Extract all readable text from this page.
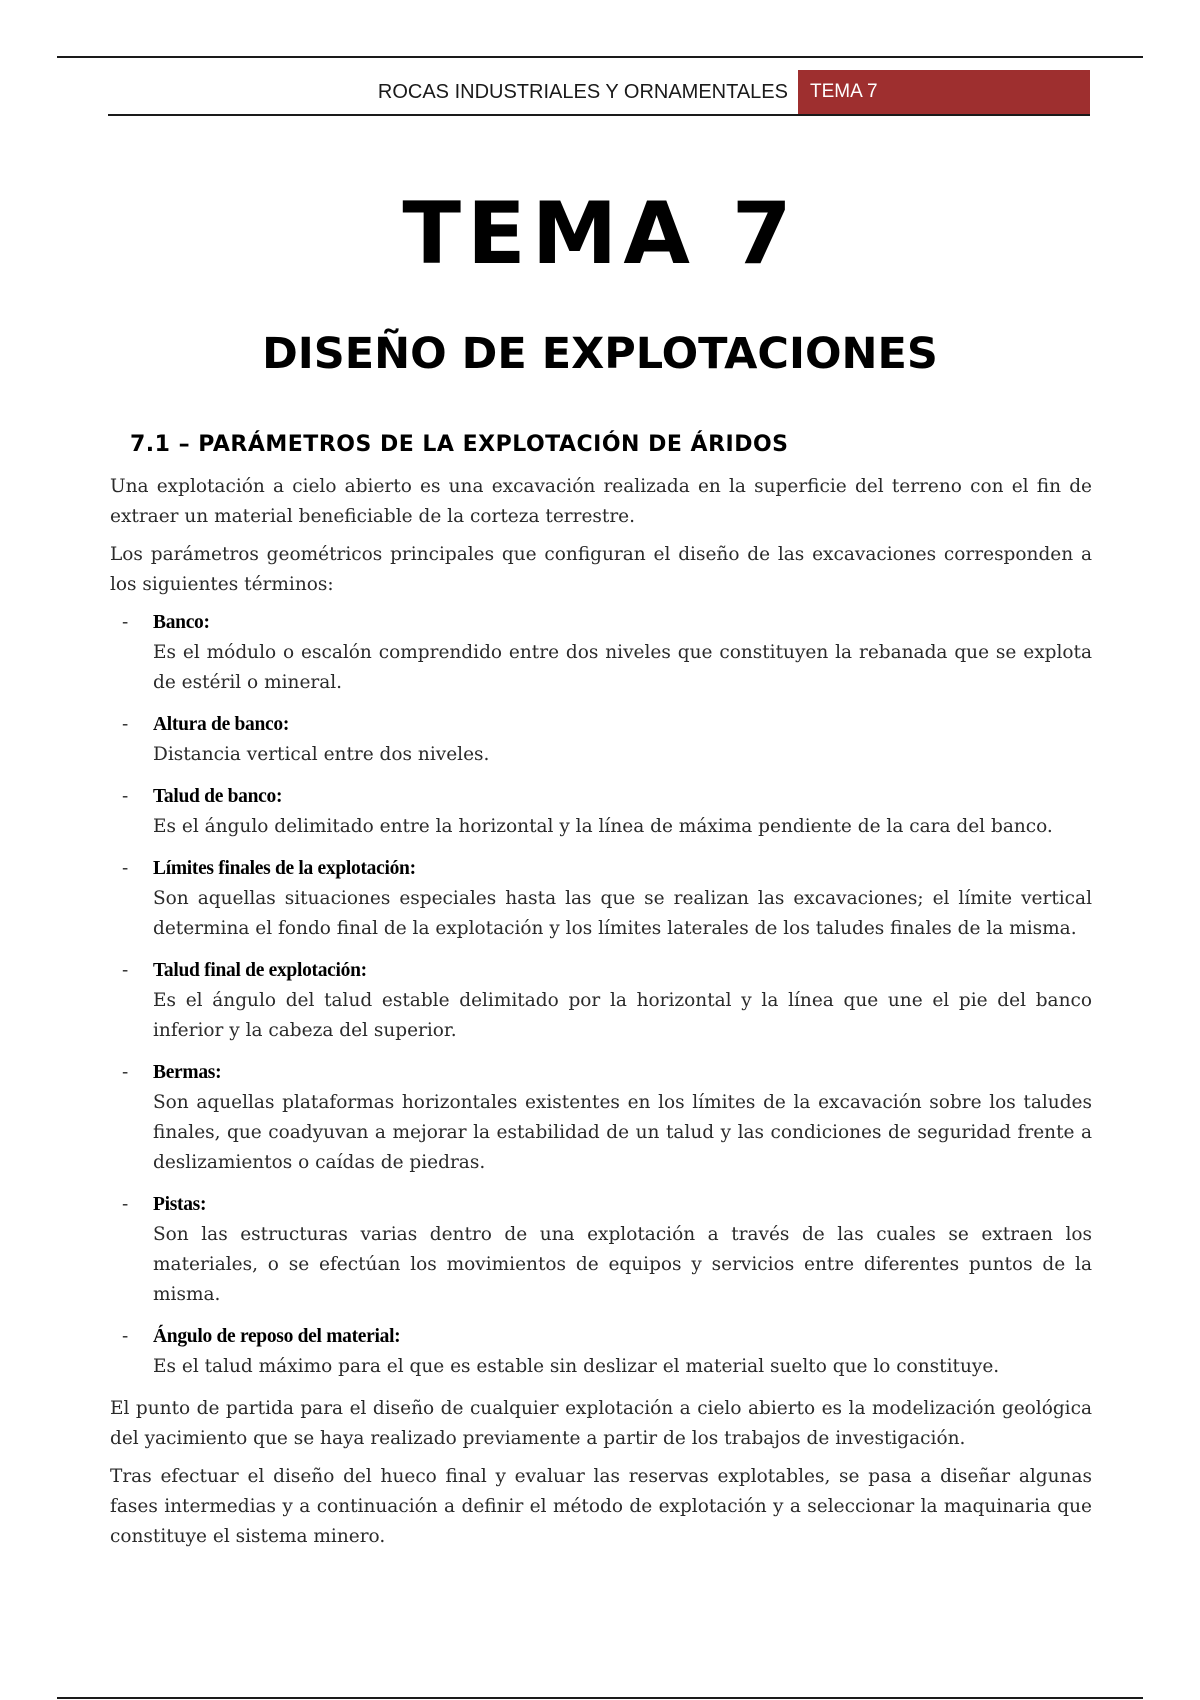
ROCAS INDUSTRIALES Y ORNAMENTALES	TEMA 7
TEMA 7
DISEÑO DE EXPLOTACIONES
7.1 – PARÁMETROS DE LA EXPLOTACIÓN DE ÁRIDOS

Una explotación a cielo abierto es una excavación realizada en la superficie del terreno con el fin de extraer un material beneficiable de la corteza terrestre.

Los parámetros geométricos principales que configuran el diseño de las excavaciones corresponden a los siguientes términos:

- Banco:
Es el módulo o escalón comprendido entre dos niveles que constituyen la rebanada que se explota de estéril o mineral.
- Altura de banco:
Distancia vertical entre dos niveles.
- Talud de banco:
Es el ángulo delimitado entre la horizontal y la línea de máxima pendiente de la cara del banco.
- Límites finales de la explotación:
Son aquellas situaciones especiales hasta las que se realizan las excavaciones; el límite vertical determina el fondo final de la explotación y los límites laterales de los taludes finales de la misma.
- Talud final de explotación:
Es el ángulo del talud estable delimitado por la horizontal y la línea que une el pie del banco inferior y la cabeza del superior.
- Bermas:
Son aquellas plataformas horizontales existentes en los límites de la excavación sobre los taludes finales, que coadyuvan a mejorar la estabilidad de un talud y las condiciones de seguridad frente a deslizamientos o caídas de piedras.
- Pistas:
Son las estructuras varias dentro de una explotación a través de las cuales se extraen los materiales, o se efectúan los movimientos de equipos y servicios entre diferentes puntos de la misma.
- Ángulo de reposo del material:
Es el talud máximo para el que es estable sin deslizar el material suelto que lo constituye.

El punto de partida para el diseño de cualquier explotación a cielo abierto es la modelización geológica del yacimiento que se haya realizado previamente a partir de los trabajos de investigación.

Tras efectuar el diseño del hueco final y evaluar las reservas explotables, se pasa a diseñar algunas fases intermedias y a continuación a definir el método de explotación y a seleccionar la maquinaria que constituye el sistema minero.
